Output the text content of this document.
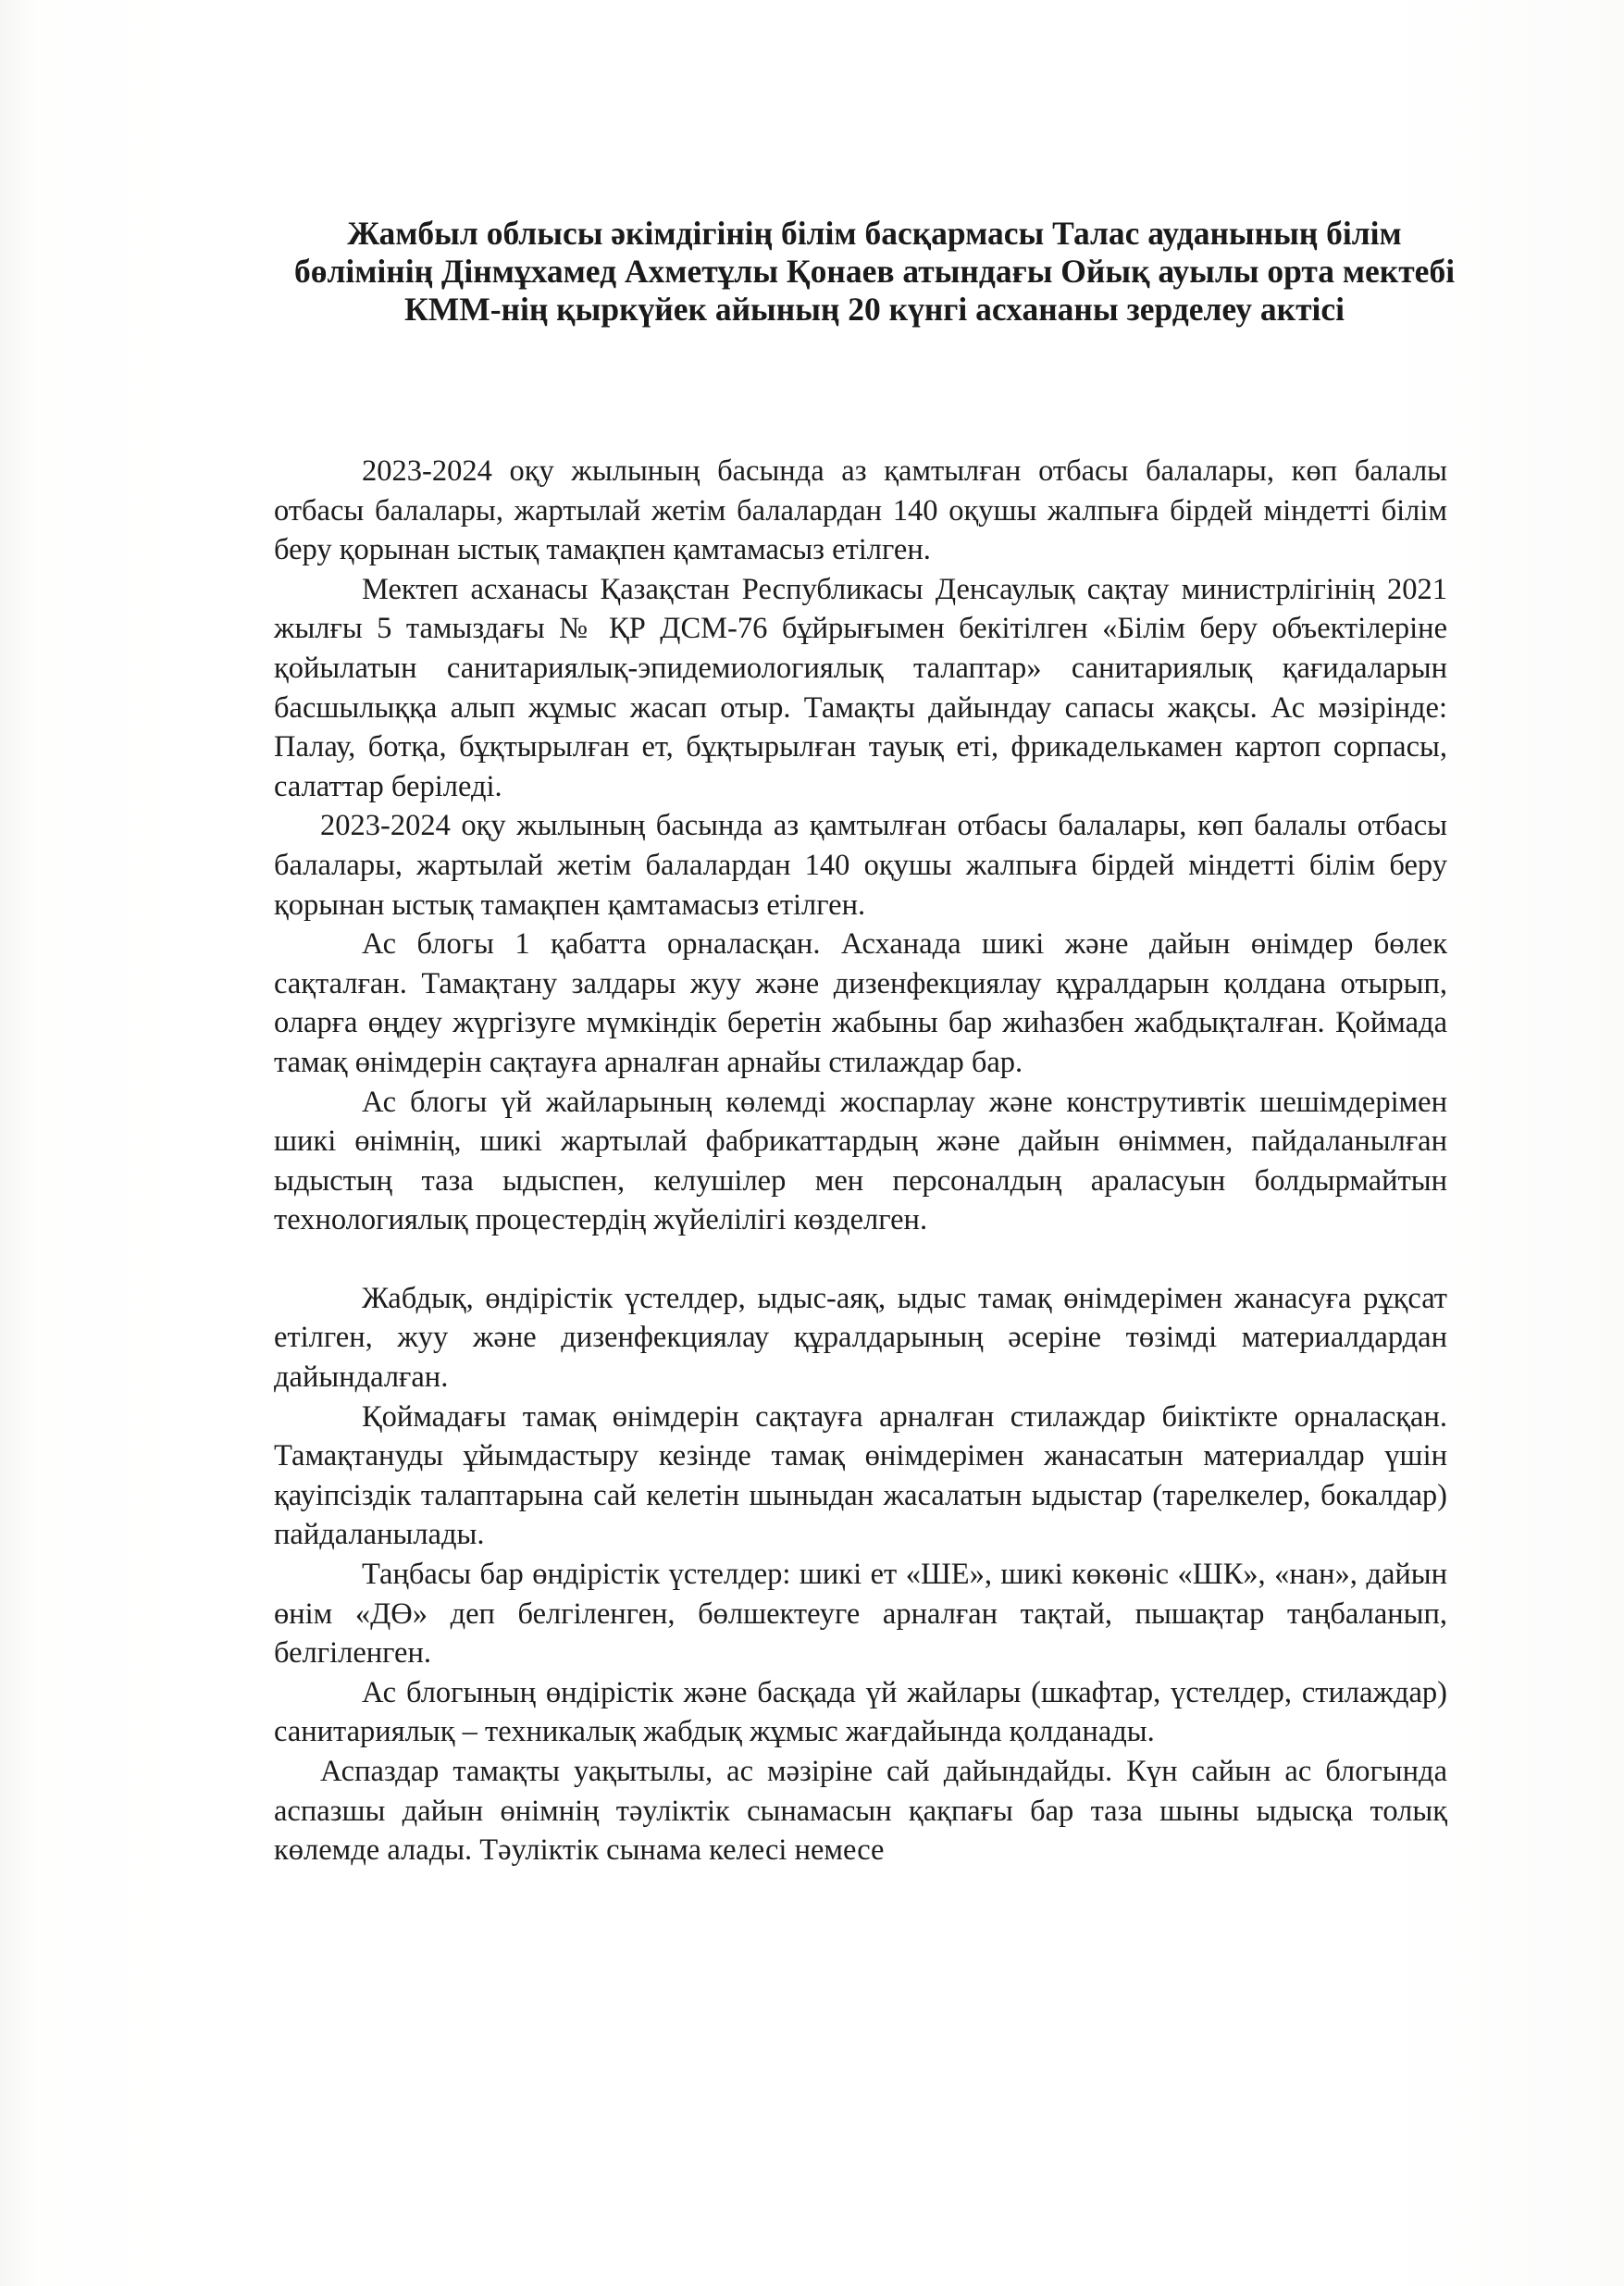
Жамбыл облысы әкімдігінің білім басқармасы Талас ауданының білім бөлімінің Дінмұхамед Ахметұлы Қонаев атындағы Ойық ауылы орта мектебі КММ-нің қыркүйек айының 20 күнгі асхананы зерделеу актісі

2023-2024 оқу жылының басында аз қамтылған отбасы балалары, көп балалы отбасы балалары, жартылай жетім балалардан 140 оқушы жалпыға бірдей міндетті білім беру қорынан ыстық тамақпен қамтамасыз етілген.

Мектеп асханасы Қазақстан Республикасы Денсаулық сақтау министрлігінің 2021 жылғы 5 тамыздағы № ҚР ДСМ-76 бұйрығымен бекітілген «Білім беру объектілеріне қойылатын санитариялық-эпидемиологиялық талаптар» санитариялық қағидаларын басшылыққа алып жұмыс жасап отыр. Тамақты дайындау сапасы жақсы. Ас мәзірінде: Палау, ботқа, бұқтырылған ет, бұқтырылған тауық еті, фрикаделькамен картоп сорпасы, салаттар беріледі.

2023-2024 оқу жылының басында аз қамтылған отбасы балалары, көп балалы отбасы балалары, жартылай жетім балалардан 140 оқушы жалпыға бірдей міндетті білім беру қорынан ыстық тамақпен қамтамасыз етілген.

Ас блогы 1 қабатта орналасқан. Асханада шикі және дайын өнімдер бөлек сақталған. Тамақтану залдары жуу және дизенфекциялау құралдарын қолдана отырып, оларға өңдеу жүргізуге мүмкіндік беретін жабыны бар жиһазбен жабдықталған. Қоймада тамақ өнімдерін сақтауға арналған арнайы стилаждар бар.

Ас блогы үй жайларының көлемді жоспарлау және конструтивтік шешімдерімен шикі өнімнің, шикі жартылай фабрикаттардың және дайын өніммен, пайдаланылған ыдыстың таза ыдыспен, келушілер мен персоналдың араласуын болдырмайтын технологиялық процестердің жүйелілігі көзделген.

Жабдық, өндірістік үстелдер, ыдыс-аяқ, ыдыс тамақ өнімдерімен жанасуға рұқсат етілген, жуу және дизенфекциялау құралдарының әсеріне төзімді материалдардан дайындалған.

Қоймадағы тамақ өнімдерін сақтауға арналған стилаждар биіктікте орналасқан. Тамақтануды ұйымдастыру кезінде тамақ өнімдерімен жанасатын материалдар үшін қауіпсіздік талаптарына сай келетін шыныдан жасалатын ыдыстар (тарелкелер, бокалдар) пайдаланылады.

Таңбасы бар өндірістік үстелдер: шикі ет «ШЕ», шикі көкөніс «ШК», «нан», дайын өнім «ДӨ» деп белгіленген, бөлшектеуге арналған тақтай, пышақтар таңбаланып, белгіленген.

Ас блогының өндірістік және басқада үй жайлары (шкафтар, үстелдер, стилаждар) санитариялық – техникалық жабдық жұмыс жағдайында қолданады.

Аспаздар тамақты уақытылы, ас мәзіріне сай дайындайды. Күн сайын ас блогында аспазшы дайын өнімнің тәуліктік сынамасын қақпағы бар таза шыны ыдысқа толық көлемде алады. Тәуліктік сынама келесі немесе
